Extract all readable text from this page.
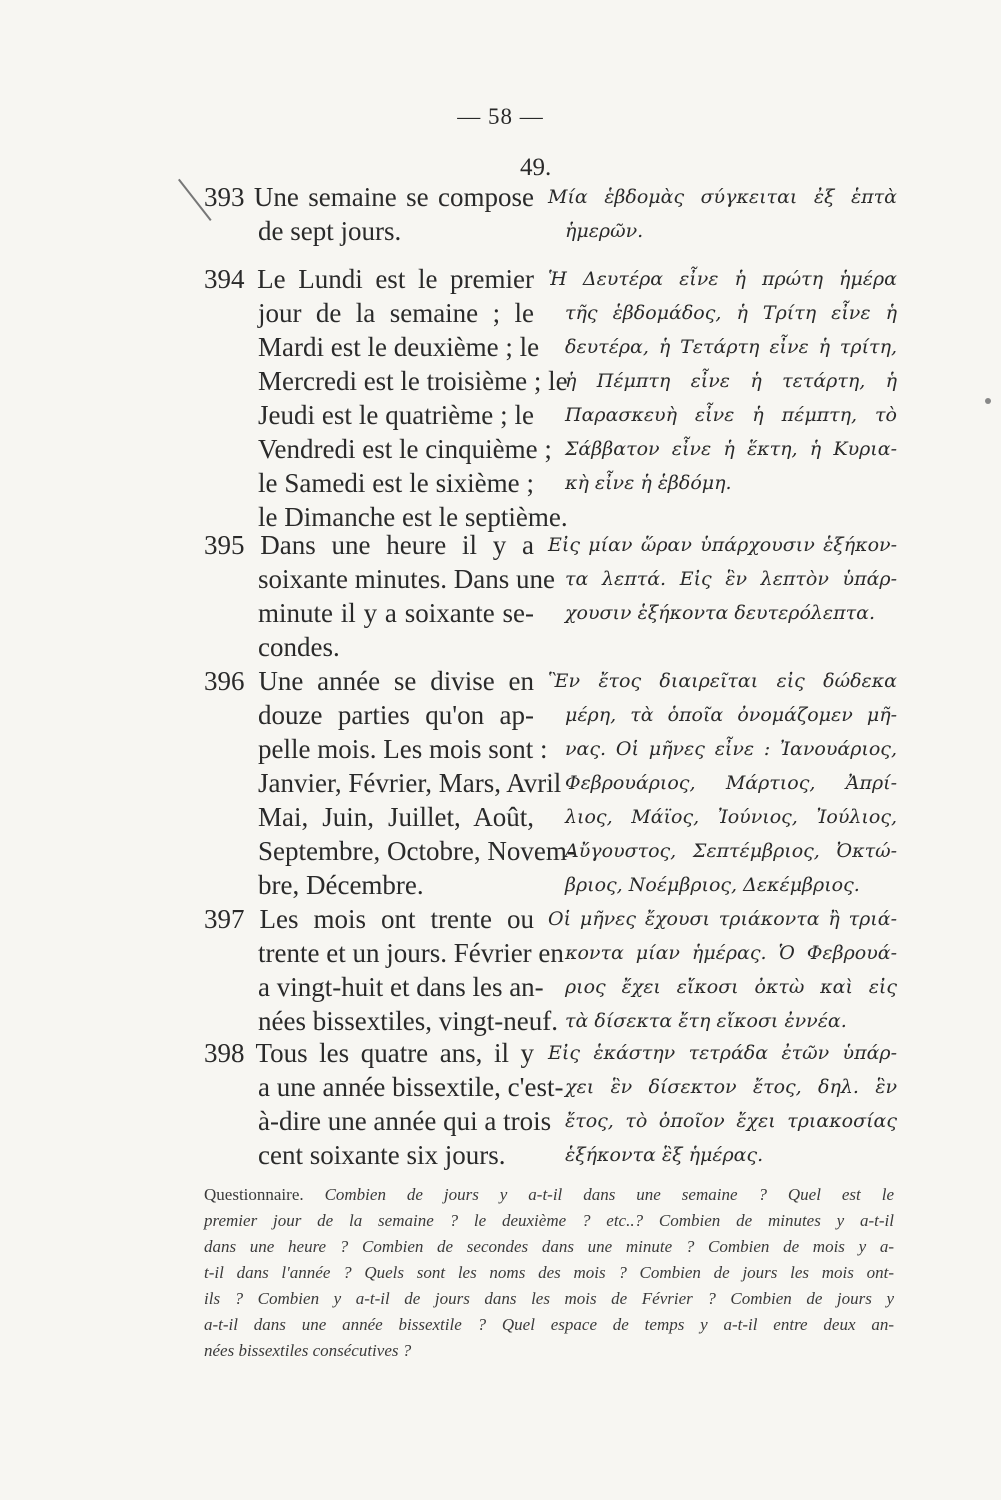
— 58 —
49.
393 Une semaine se compose
de sept jours.
Μία ἑβδομὰς σύγκειται ἐξ ἑπτὰ
ἡμερῶν.
394 Le Lundi est le premier
jour de la semaine ; le
Mardi est le deuxième ; le
Mercredi est le troisième ; le
Jeudi est le quatrième ; le
Vendredi est le cinquième ;
le Samedi est le sixième ;
le Dimanche est le septième.
Ἡ Δευτέρα εἶνε ἡ πρώτη ἡμέρα
τῆς ἑβδομάδος, ἡ Τρίτη εἶνε ἡ
δευτέρα, ἡ Τετάρτη εἶνε ἡ τρίτη,
ἡ Πέμπτη εἶνε ἡ τετάρτη, ἡ
Παρασκευὴ εἶνε ἡ πέμπτη, τὸ
Σάββατον εἶνε ἡ ἕκτη, ἡ Κυρια-
κὴ εἶνε ἡ ἑβδόμη.
395 Dans une heure il y a
soixante minutes. Dans une
minute il y a soixante se-
condes.
Εἰς μίαν ὥραν ὑπάρχουσιν ἑξήκον-
τα λεπτά. Εἰς ἓν λεπτὸν ὑπάρ-
χουσιν ἑξήκοντα δευτερόλεπτα.
396 Une année se divise en
douze parties qu'on ap-
pelle mois. Les mois sont :
Janvier, Février, Mars, Avril
Mai, Juin, Juillet, Août,
Septembre, Octobre, Novem-
bre, Décembre.
Ἓν ἔτος διαιρεῖται εἰς δώδεκα
μέρη, τὰ ὁποῖα ὀνομάζομεν μῆ-
νας. Οἱ μῆνες εἶνε : Ἰανουάριος,
Φεβρουάριος, Μάρτιος, Ἀπρί-
λιος, Μάϊος, Ἰούνιος, Ἰούλιος,
Αὔγουστος, Σεπτέμβριος, Ὀκτώ-
βριος, Νοέμβριος, Δεκέμβριος.
397 Les mois ont trente ou
trente et un jours. Février en
a vingt-huit et dans les an-
nées bissextiles, vingt-neuf.
Οἱ μῆνες ἔχουσι τριάκοντα ἢ τριά-
κοντα μίαν ἡμέρας. Ὁ Φεβρουά-
ριος ἔχει εἴκοσι ὀκτὼ καὶ εἰς
τὰ δίσεκτα ἔτη εἴκοσι ἐννέα.
398 Tous les quatre ans, il y
a une année bissextile, c'est-
à-dire une année qui a trois
cent soixante six jours.
Εἰς ἑκάστην τετράδα ἐτῶν ὑπάρ-
χει ἓν δίσεκτον ἔτος, δηλ. ἓν
ἔτος, τὸ ὁποῖον ἔχει τριακοσίας
ἑξήκοντα ἓξ ἡμέρας.
Questionnaire. Combien de jours y a-t-il dans une semaine ? Quel est le
premier jour de la semaine ? le deuxième ? etc..? Combien de minutes y a-t-il
dans une heure ? Combien de secondes dans une minute ? Combien de mois y a-
t-il dans l'année ? Quels sont les noms des mois ? Combien de jours les mois ont-
ils ? Combien y a-t-il de jours dans les mois de Février ? Combien de jours y
a-t-il dans une année bissextile ? Quel espace de temps y a-t-il entre deux an-
nées bissextiles consécutives ?
